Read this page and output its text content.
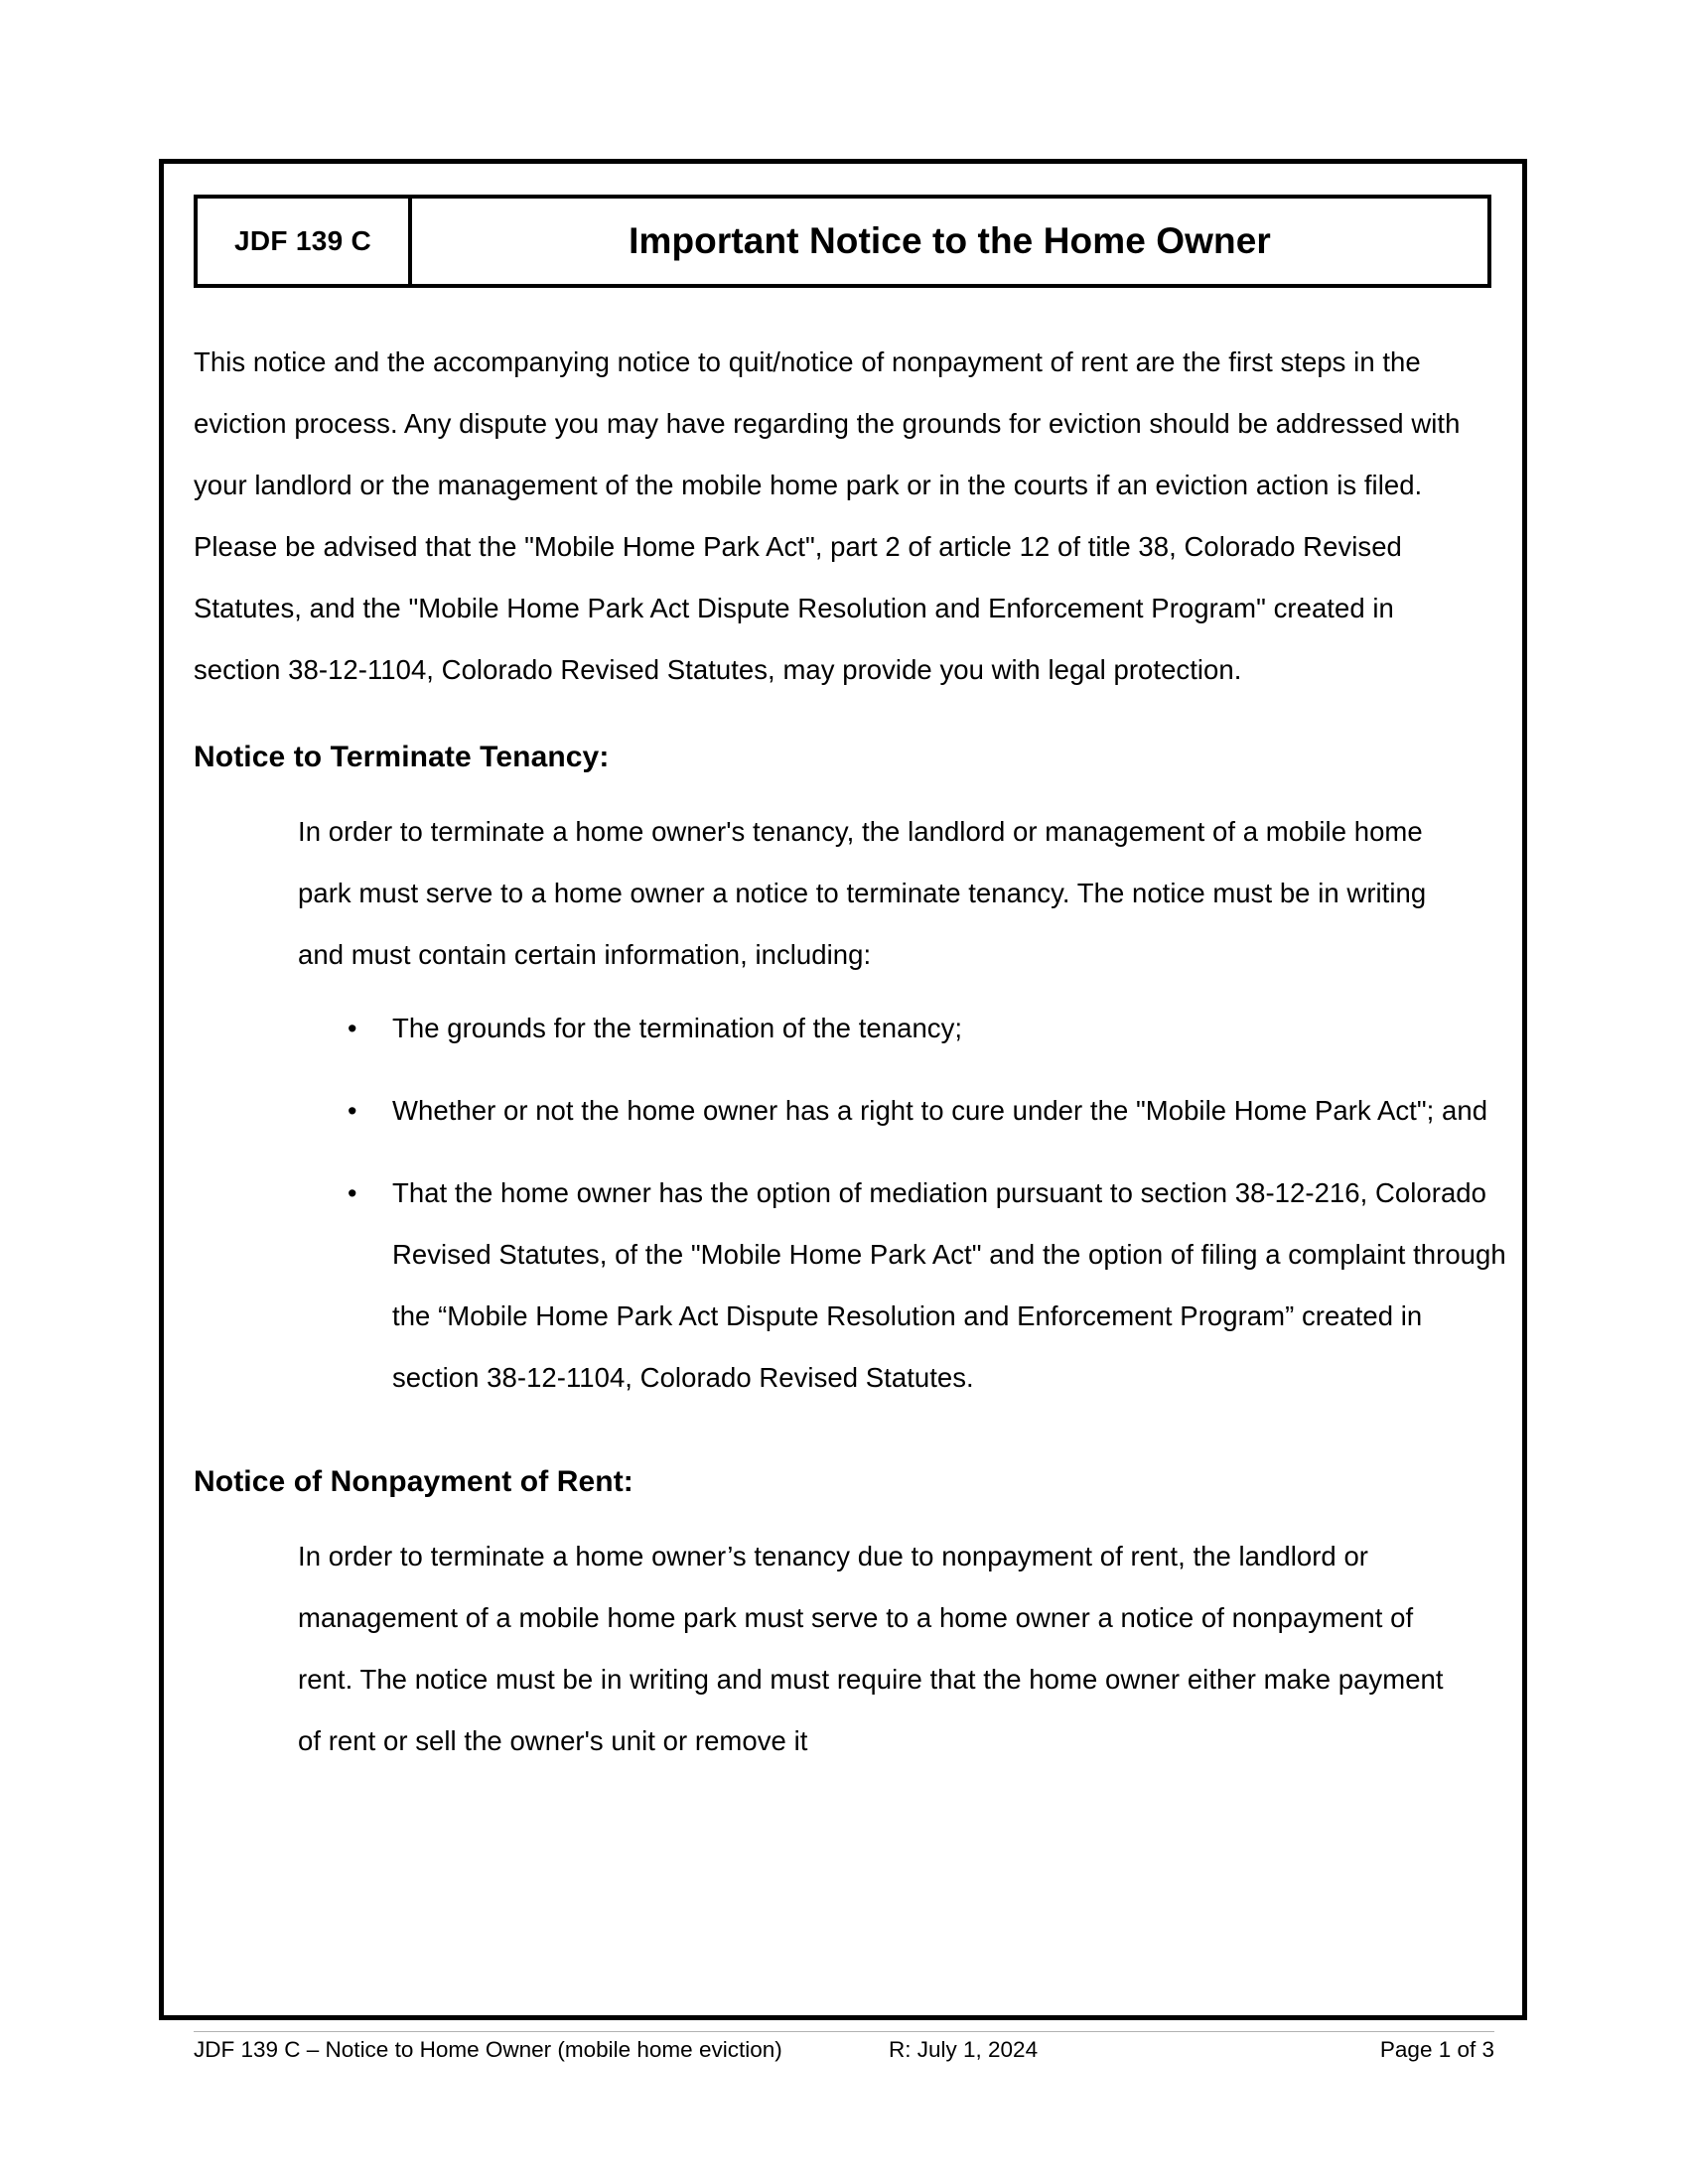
JDF 139 C	Important Notice to the Home Owner

This notice and the accompanying notice to quit/notice of nonpayment of rent are the first steps in the eviction process. Any dispute you may have regarding the grounds for eviction should be addressed with your landlord or the management of the mobile home park or in the courts if an eviction action is filed. Please be advised that the "Mobile Home Park Act", part 2 of article 12 of title 38, Colorado Revised Statutes, and the "Mobile Home Park Act Dispute Resolution and Enforcement Program" created in section 38-12-1104, Colorado Revised Statutes, may provide you with legal protection.

Notice to Terminate Tenancy:

In order to terminate a home owner's tenancy, the landlord or management of a mobile home park must serve to a home owner a notice to terminate tenancy. The notice must be in writing and must contain certain information, including:

• The grounds for the termination of the tenancy;
• Whether or not the home owner has a right to cure under the "Mobile Home Park Act"; and
• That the home owner has the option of mediation pursuant to section 38-12-216, Colorado Revised Statutes, of the "Mobile Home Park Act" and the option of filing a complaint through the “Mobile Home Park Act Dispute Resolution and Enforcement Program” created in section 38-12-1104, Colorado Revised Statutes.
Notice of Nonpayment of Rent:

In order to terminate a home owner’s tenancy due to nonpayment of rent, the landlord or management of a mobile home park must serve to a home owner a notice of nonpayment of rent. The notice must be in writing and must require that the home owner either make payment of rent or sell the owner's unit or remove it

JDF 139 C – Notice to Home Owner (mobile home eviction)	R: July 1, 2024	Page 1 of 3
